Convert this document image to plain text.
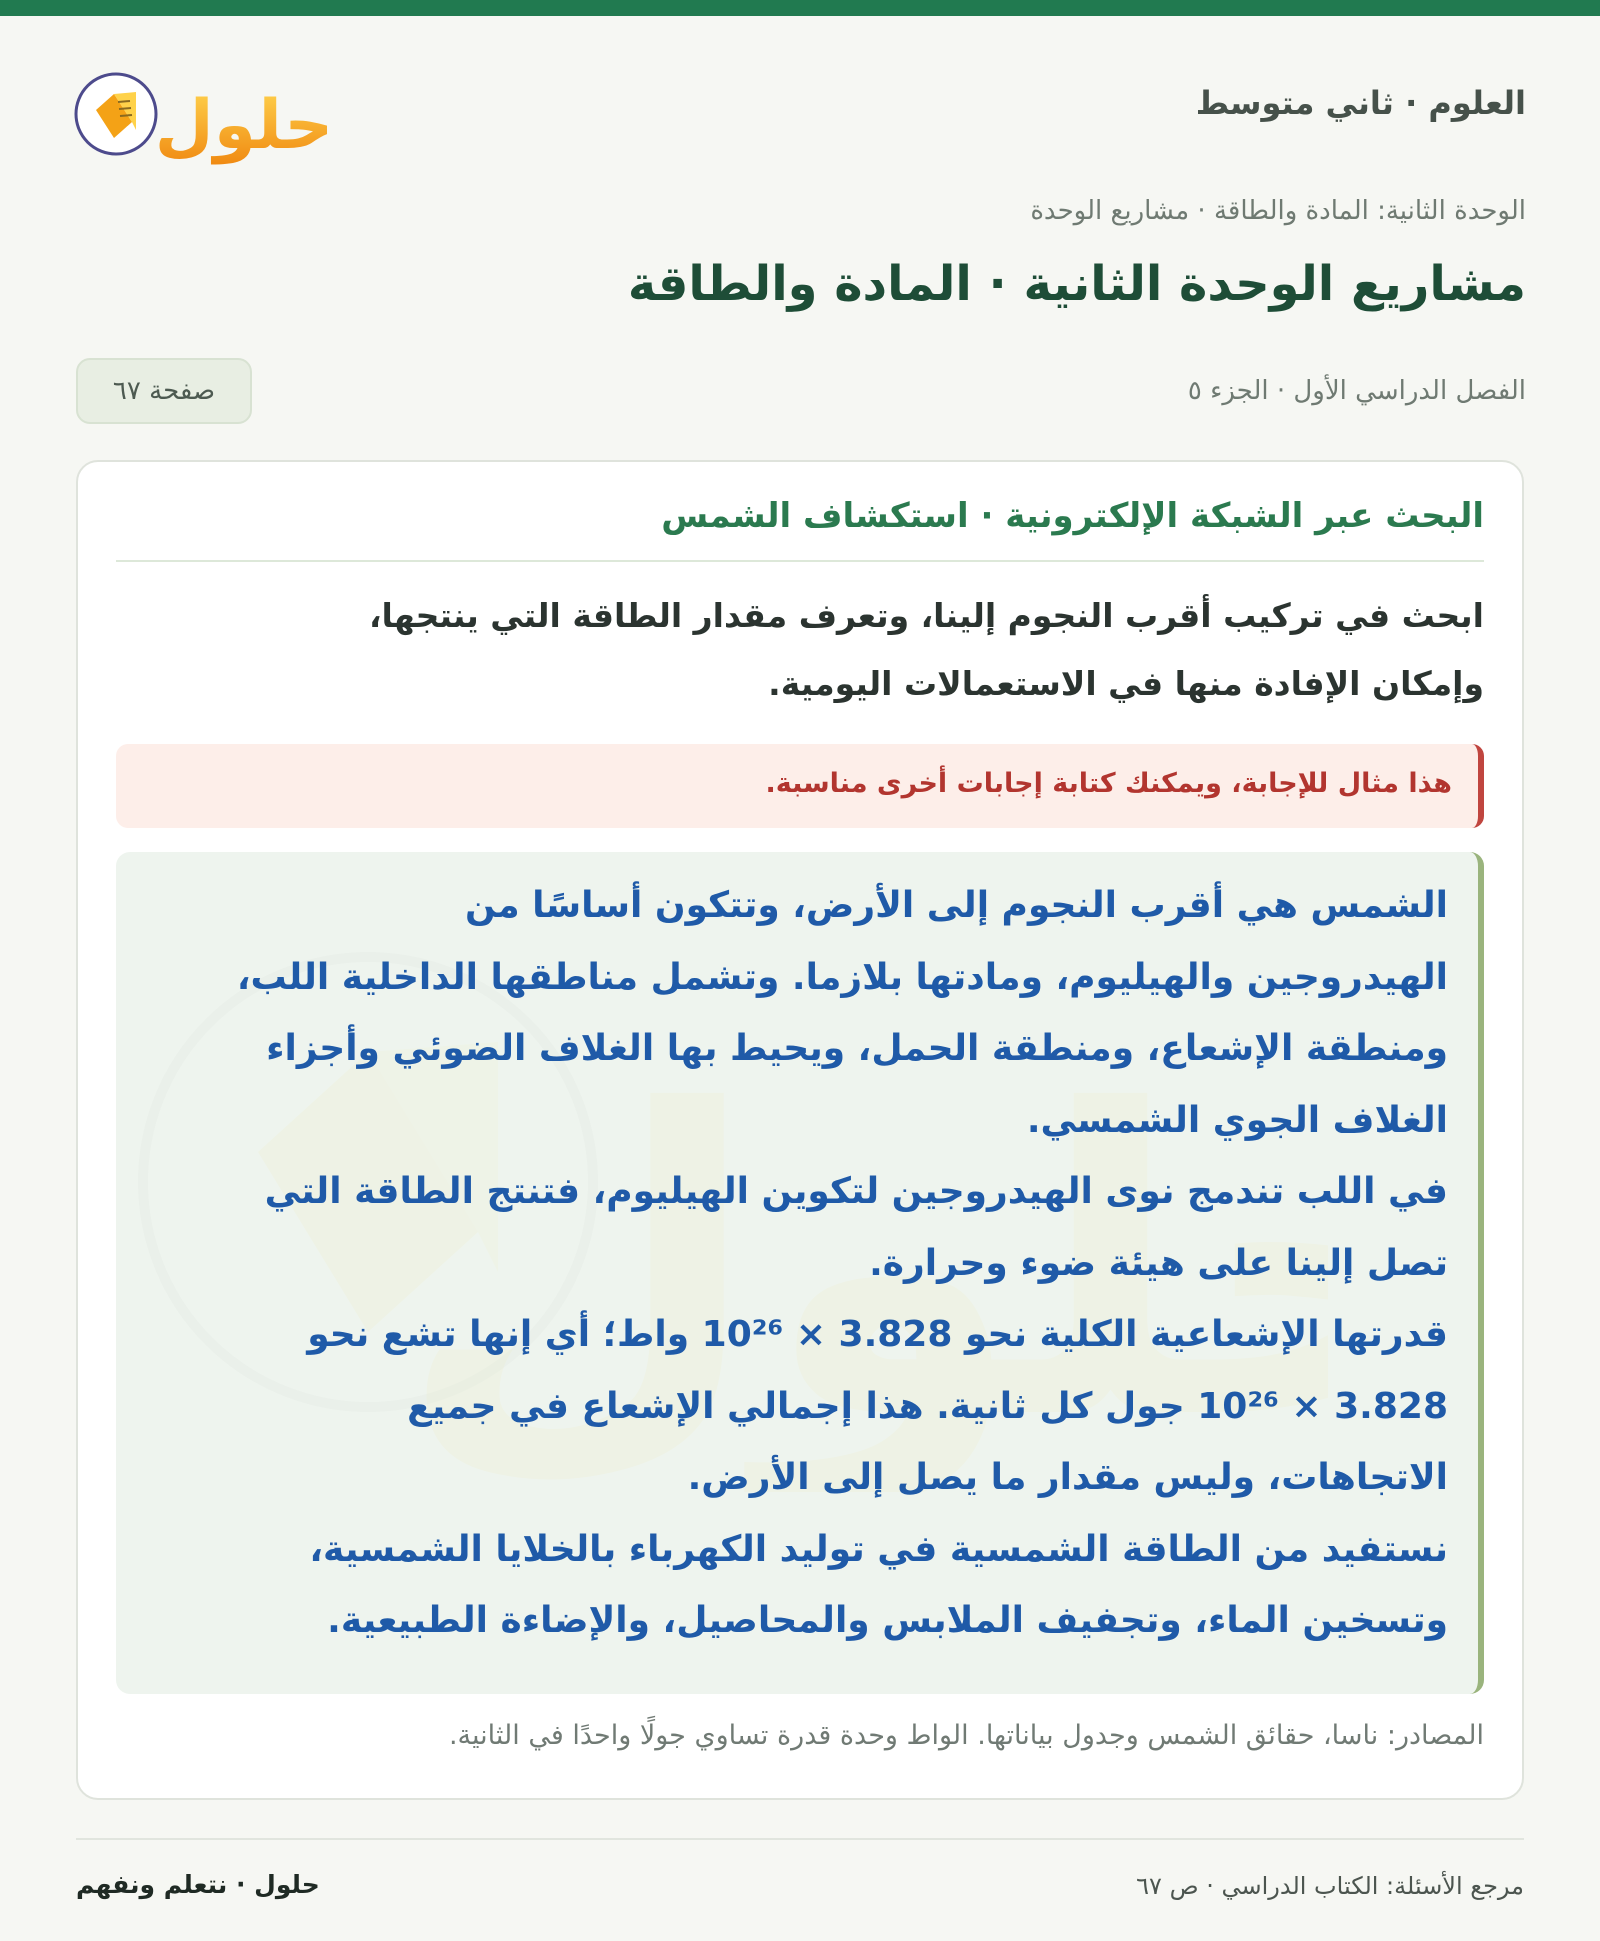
العلوم · ثاني متوسط
حلول
الوحدة الثانية: المادة والطاقة · مشاريع الوحدة
مشاريع الوحدة الثانية · المادة والطاقة
الفصل الدراسي الأول · الجزء ٥
صفحة ٦٧
البحث عبر الشبكة الإلكترونية · استكشاف الشمس
ابحث في تركيب أقرب النجوم إلينا، وتعرف مقدار الطاقة التي ينتجها،
وإمكان الإفادة منها في الاستعمالات اليومية.
هذا مثال للإجابة، ويمكنك كتابة إجابات أخرى مناسبة.
الشمس هي أقرب النجوم إلى الأرض، وتتكون أساسًا من
الهيدروجين والهيليوم، ومادتها بلازما. وتشمل مناطقها الداخلية اللب،
ومنطقة الإشعاع، ومنطقة الحمل، ويحيط بها الغلاف الضوئي وأجزاء
الغلاف الجوي الشمسي.
في اللب تندمج نوى الهيدروجين لتكوين الهيليوم، فتنتج الطاقة التي
تصل إلينا على هيئة ضوء وحرارة.
قدرتها الإشعاعية الكلية نحو 3.828 × 10²⁶ واط؛ أي إنها تشع نحو
3.828 × 10²⁶ جول كل ثانية. هذا إجمالي الإشعاع في جميع
الاتجاهات، وليس مقدار ما يصل إلى الأرض.
نستفيد من الطاقة الشمسية في توليد الكهرباء بالخلايا الشمسية،
وتسخين الماء، وتجفيف الملابس والمحاصيل، والإضاءة الطبيعية.
المصادر: ناسا، حقائق الشمس وجدول بياناتها. الواط وحدة قدرة تساوي جولًا واحدًا في الثانية.
مرجع الأسئلة: الكتاب الدراسي · ص ٦٧
حلول · نتعلم ونفهم
